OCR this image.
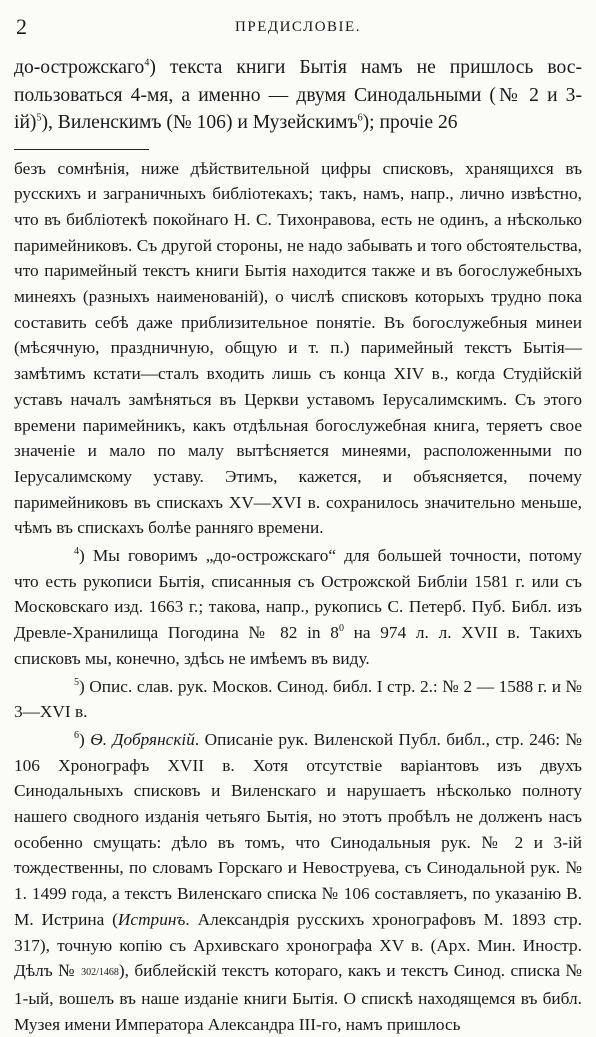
2	ПРЕДИСЛОВІЕ.

до-острожскаго$^4$) текста книги Бытія намъ не пришлось воспользоваться 4-мя, а именно — двумя Синодальными (№ 2 и 3-ій)$^5$), Виленскимъ (№ 106) и Музейскимъ$^6$); прочіе 26

безъ сомнѣнія, ниже дѣйствительной цифры списковъ, хранящихся въ русскихъ и заграничныхъ библіотекахъ; такъ, намъ, напр., лично извѣстно, что въ библіотекѣ покойнаго Н. С. Тихонравова, есть не одинъ, а нѣсколько паримейниковъ. Съ другой стороны, не надо забывать и того обстоятельства, что паримейный текстъ книги Бытія находится также и въ богослужебныхъ минеяхъ (разныхъ наименованій), о числѣ списковъ которыхъ трудно пока составить себѣ даже приблизительное понятіе. Въ богослужебныя минеи (мѣсячную, праздничную, общую и т. п.) паримейный текстъ Бытія—замѣтимъ кстати—сталъ входить лишь съ конца XIV в., когда Студійскій уставъ началъ замѣняться въ Церкви уставомъ Іерусалимскимъ. Съ этого времени паримейникъ, какъ отдѣльная богослужебная книга, теряетъ свое значеніе и мало по малу вытѣсняется минеями, расположенными по Іерусалимскому уставу. Этимъ, кажется, и объясняется, почему паримейниковъ въ спискахъ XV—XVI в. сохранилось значительно меньше, чѣмъ въ спискахъ болѣе ранняго времени.

$^4$) Мы говоримъ „до-острожскаго“ для большей точности, потому что есть рукописи Бытія, списанныя съ Острожской Библіи 1581 г. или съ Московскаго изд. 1663 г.; такова, напр., рукопись С. Петерб. Пуб. Библ. изъ Древле-Хранилища Погодина № 82 in $8^0$ на 974 л. л. XVII в. Такихъ списковъ мы, конечно, здѣсь не имѣемъ въ виду.

$^5$) Опис. слав. рук. Москов. Синод. библ. I стр. 2.: № 2 — 1588 г. и № 3—XVI в.

$^6$) Ѳ. Добрянскій. Описаніе рук. Виленской Публ. библ., стр. 246: № 106 Хронографъ XVII в. Хотя отсутствіе варіантовъ изъ двухъ Синодальныхъ списковъ и Виленскаго и нарушаетъ нѣсколько полноту нашего сводного изданія четьяго Бытія, но этотъ пробѣлъ не долженъ насъ особенно смущать: дѣло въ томъ, что Синодальныя рук. № 2 и 3-ій тождественны, по словамъ Горскаго и Невоструева, съ Синодальной рук. № 1. 1499 года, а текстъ Виленскаго списка № 106 составляетъ, по указанію В. М. Истрина (Истринъ. Александрія русскихъ хронографовъ М. 1893 стр. 317), точную копію съ Архивскаго хронографа XV в. (Арх. Мин. Иностр. Дѣлъ № 302/1468), библейскій текстъ котораго, какъ и текстъ Синод. списка № 1-ый, вошелъ въ наше изданіе книги Бытія. О спискѣ находящемся въ библ. Музея имени Императора Александра III-го, намъ пришлось
